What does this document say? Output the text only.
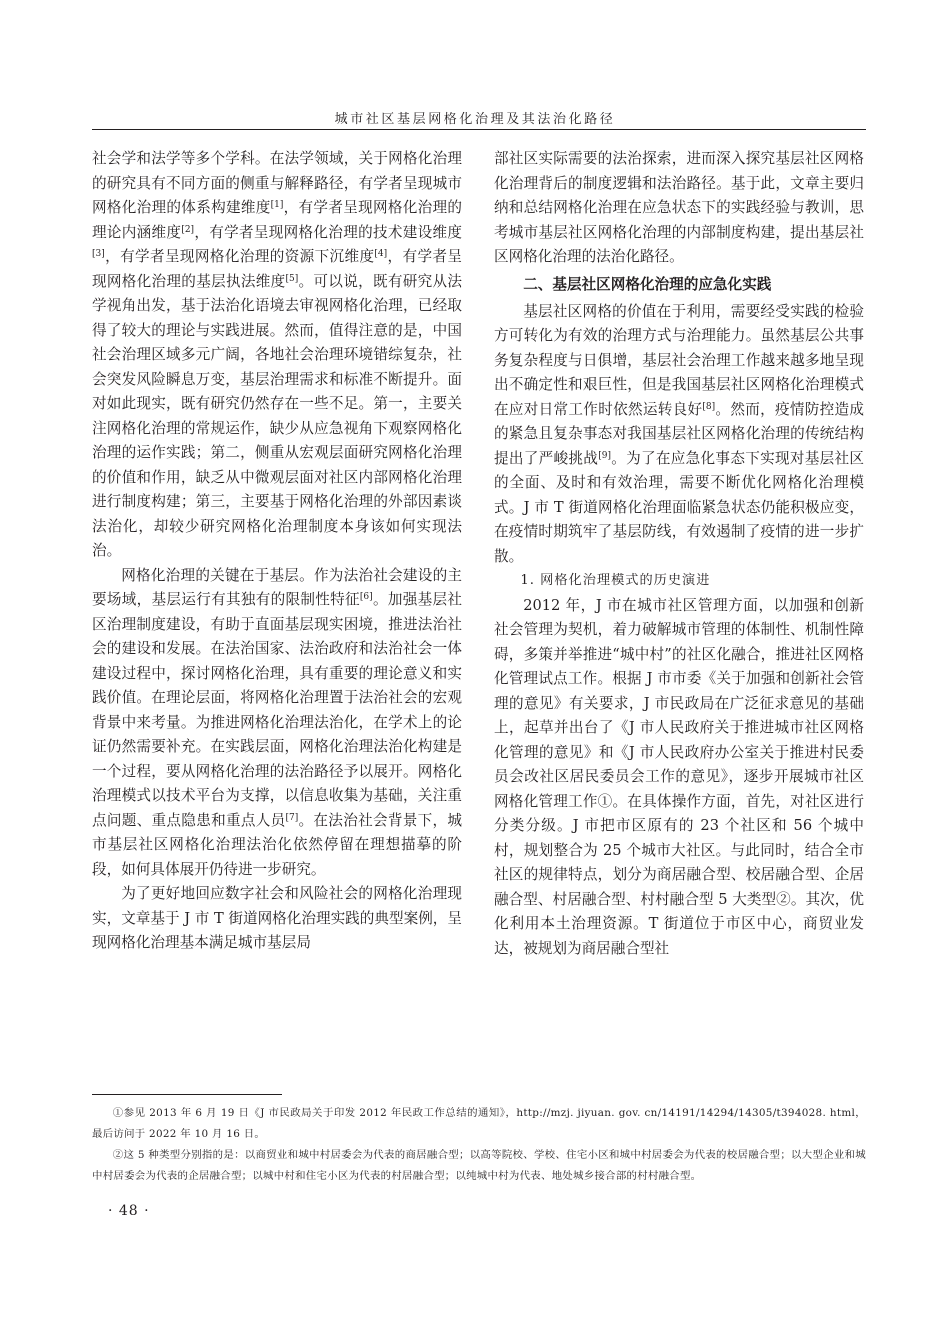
城市社区基层网格化治理及其法治化路径

社会学和法学等多个学科。在法学领域，关于网格化治理的研究具有不同方面的侧重与解释路径，有学者呈现城市网格化治理的体系构建维度[1]，有学者呈现网格化治理的理论内涵维度[2]，有学者呈现网格化治理的技术建设维度[3]，有学者呈现网格化治理的资源下沉维度[4]，有学者呈现网格化治理的基层执法维度[5]。可以说，既有研究从法学视角出发，基于法治化语境去审视网格化治理，已经取得了较大的理论与实践进展。然而，值得注意的是，中国社会治理区域多元广阔，各地社会治理环境错综复杂，社会突发风险瞬息万变，基层治理需求和标准不断提升。面对如此现实，既有研究仍然存在一些不足。第一，主要关注网格化治理的常规运作，缺少从应急视角下观察网格化治理的运作实践；第二，侧重从宏观层面研究网格化治理的价值和作用，缺乏从中微观层面对社区内部网格化治理进行制度构建；第三，主要基于网格化治理的外部因素谈法治化，却较少研究网格化治理制度本身该如何实现法治。

网格化治理的关键在于基层。作为法治社会建设的主要场域，基层运行有其独有的限制性特征[6]。加强基层社区治理制度建设，有助于直面基层现实困境，推进法治社会的建设和发展。在法治国家、法治政府和法治社会一体建设过程中，探讨网格化治理，具有重要的理论意义和实践价值。在理论层面，将网格化治理置于法治社会的宏观背景中来考量。为推进网格化治理法治化，在学术上的论证仍然需要补充。在实践层面，网格化治理法治化构建是一个过程，要从网格化治理的法治路径予以展开。网格化治理模式以技术平台为支撑，以信息收集为基础，关注重点问题、重点隐患和重点人员[7]。在法治社会背景下，城市基层社区网格化治理法治化依然停留在理想描摹的阶段，如何具体展开仍待进一步研究。

为了更好地回应数字社会和风险社会的网格化治理现实，文章基于 J 市 T 街道网格化治理实践的典型案例，呈现网格化治理基本满足城市基层局

部社区实际需要的法治探索，进而深入探究基层社区网格化治理背后的制度逻辑和法治路径。基于此，文章主要归纳和总结网格化治理在应急状态下的实践经验与教训，思考城市基层社区网格化治理的内部制度构建，提出基层社区网格化治理的法治化路径。

二、基层社区网格化治理的应急化实践

基层社区网格的价值在于利用，需要经受实践的检验方可转化为有效的治理方式与治理能力。虽然基层公共事务复杂程度与日俱增，基层社会治理工作越来越多地呈现出不确定性和艰巨性，但是我国基层社区网格化治理模式在应对日常工作时依然运转良好[8]。然而，疫情防控造成的紧急且复杂事态对我国基层社区网格化治理的传统结构提出了严峻挑战[9]。为了在应急化事态下实现对基层社区的全面、及时和有效治理，需要不断优化网格化治理模式。J 市 T 街道网格化治理面临紧急状态仍能积极应变，在疫情时期筑牢了基层防线，有效遏制了疫情的进一步扩散。

1. 网格化治理模式的历史演进

2012 年，J 市在城市社区管理方面，以加强和创新社会管理为契机，着力破解城市管理的体制性、机制性障碍，多策并举推进“城中村”的社区化融合，推进社区网格化管理试点工作。根据 J 市市委《关于加强和创新社会管理的意见》有关要求，J 市民政局在广泛征求意见的基础上，起草并出台了《J 市人民政府关于推进城市社区网格化管理的意见》和《J 市人民政府办公室关于推进村民委员会改社区居民委员会工作的意见》，逐步开展城市社区网格化管理工作①。在具体操作方面，首先，对社区进行分类分级。J 市把市区原有的 23 个社区和 56 个城中村，规划整合为 25 个城市大社区。与此同时，结合全市社区的规律特点，划分为商居融合型、校居融合型、企居融合型、村居融合型、村村融合型 5 大类型②。其次，优化利用本土治理资源。T 街道位于市区中心，商贸业发达，被规划为商居融合型社

①参见 2013 年 6 月 19 日《J 市民政局关于印发 2012 年民政工作总结的通知》，http://mzj. jiyuan. gov. cn/14191/14294/14305/t394028. html，最后访问于 2022 年 10 月 16 日。

②这 5 种类型分别指的是：以商贸业和城中村居委会为代表的商居融合型；以高等院校、学校、住宅小区和城中村居委会为代表的校居融合型；以大型企业和城中村居委会为代表的企居融合型；以城中村和住宅小区为代表的村居融合型；以纯城中村为代表、地处城乡接合部的村村融合型。

· 48 ·
